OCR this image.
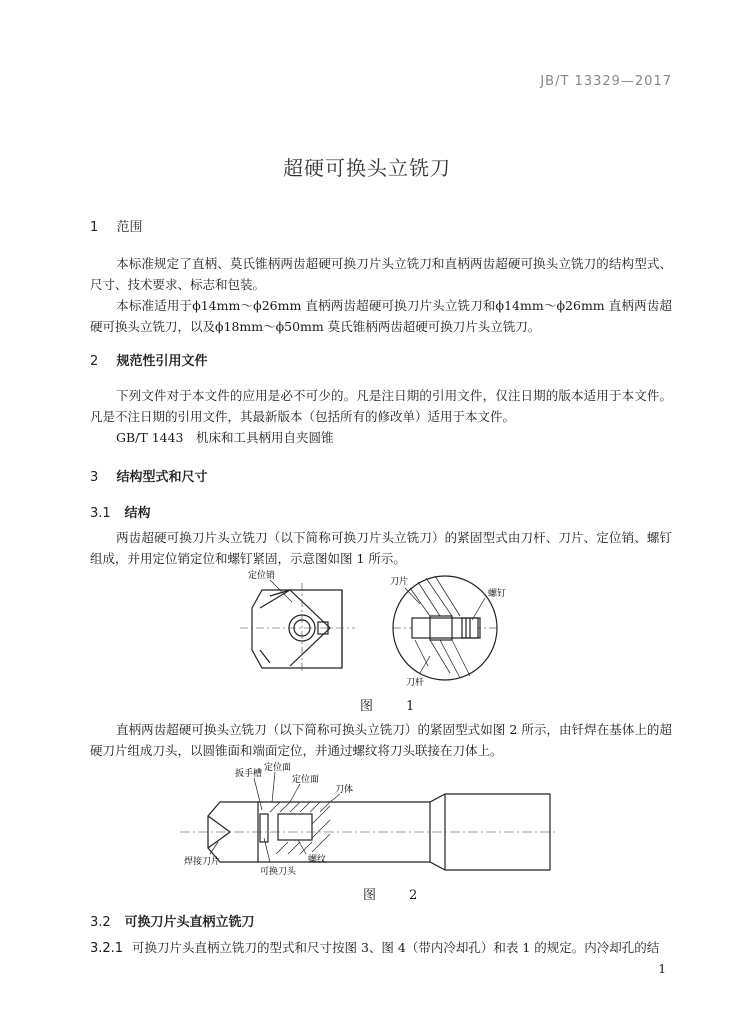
JB/T 13329—2017
超硬可换头立铣刀
1 范围
本标准规定了直柄、莫氏锥柄两齿超硬可换刀片头立铣刀和直柄两齿超硬可换头立铣刀的结构型式、尺寸、技术要求、标志和包装。
本标准适用于ϕ14mm～ϕ26mm 直柄两齿超硬可换刀片头立铣刀和ϕ14mm～ϕ26mm 直柄两齿超硬可换头立铣刀，以及ϕ18mm～ϕ50mm 莫氏锥柄两齿超硬可换刀片头立铣刀。
2 规范性引用文件
下列文件对于本文件的应用是必不可少的。凡是注日期的引用文件，仅注日期的版本适用于本文件。凡是不注日期的引用文件，其最新版本（包括所有的修改单）适用于本文件。
GB/T 1443　机床和工具柄用自夹圆锥
3 结构型式和尺寸
3.1 结构
两齿超硬可换刀片头立铣刀（以下简称可换刀片头立铣刀）的紧固型式由刀杆、刀片、定位销、螺钉组成，并用定位销定位和螺钉紧固，示意图如图 1 所示。
定位销
刀片
螺钉
刀杆
图　1
直柄两齿超硬可换头立铣刀（以下简称可换头立铣刀）的紧固型式如图 2 所示，由钎焊在基体上的超硬刀片组成刀头，以圆锥面和端面定位，并通过螺纹将刀头联接在刀体上。
扳手槽
定位面
定位面
刀体
焊接刀片
可换刀头
螺纹
图　2
3.2 可换刀片头直柄立铣刀
3.2.1 可换刀片头直柄立铣刀的型式和尺寸按图 3、图 4（带内冷却孔）和表 1 的规定。内冷却孔的结
1
